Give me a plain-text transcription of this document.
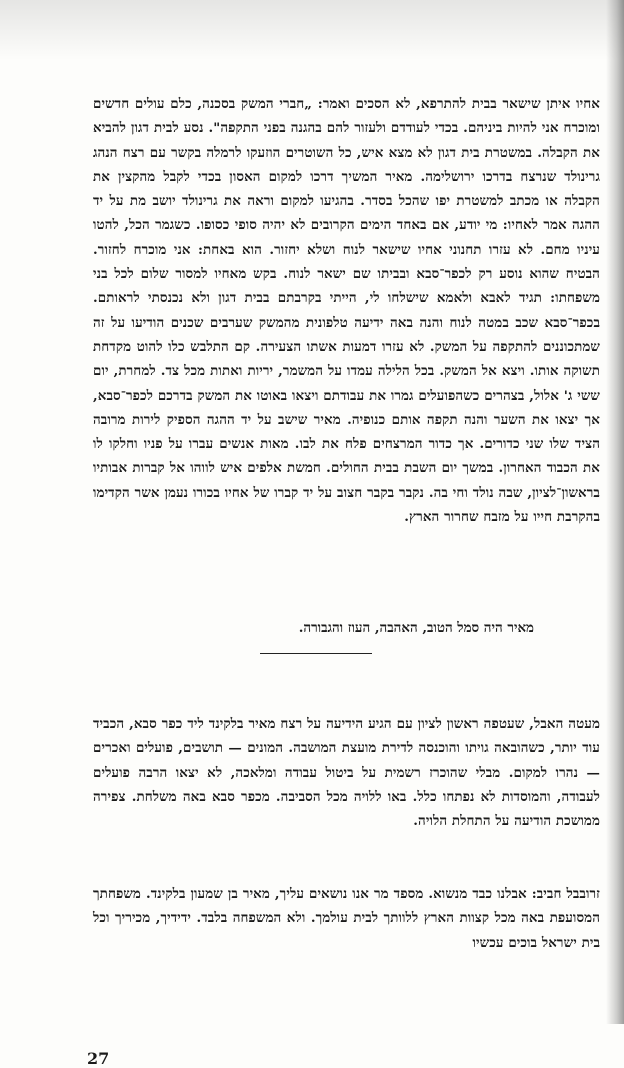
אחיו איתן שישאר בבית להתרפא, לא הסכים ואמר: „חברי המשק בסכנה, כלם עולים חדשים ומוכרח אני להיות ביניהם. בכדי לעודדם ולעזור להם בהגנה בפני התקפה". נסע לבית דגון להביא את הקבלה. במשטרת בית דגון לא מצא איש, כל השוטרים הוזעקו לרמלה בקשר עם רצח הנהג גרינולד שנרצח בדרכו ירושלימה. מאיר המשיך דרכו למקום האסון בכדי לקבל מהקצין את הקבלה או מכתב למשטרת יפו שהכל בסדר. בהגיעו למקום וראה את גרינולד יושב מת על יד ההגה אמר לאחיו: מי יודע, אם באחד הימים הקרובים לא יהיה סופי כסופו. כשגמר הכל, להטו עיניו מחם. לא עזרו תחנוני אחיו שישאר לנוח ושלא יחזור. הוא באחת: אני מוכרח לחזור. הבטיח שהוא נוסע רק לכפר־סבא ובביתו שם ישאר לנוח. בקש מאחיו למסור שלום לכל בני משפחתו: תגיד לאבא ולאמא שישלחו לי, הייתי בקרבתם בבית דגון ולא נכנסתי לראותם. בכפר־סבא שכב במטה לנוח והנה באה ידיעה טלפונית מהמשק שערבים שכנים הודיעו על זה שמתכוננים להתקפה על המשק. לא עזרו דמעות אשתו הצעירה. קם התלבש כלו להוט מקדחת תשוקה אותו. ויצא אל המשק. בכל הלילה עמדו על המשמר, יריות ואתות מכל צד. למחרת, יום ששי ג' אלול, בצהרים כשהפועלים גמרו את עבודתם ויצאו באוטו את המשק בדרכם לכפר־סבא, אך יצאו את השער והנה תקפה אותם כנופיה. מאיר שישב על יד ההגה הספיק לירות מרובה הציד שלו שני כדורים. אך כדור המרצחים פלח את לבו. מאות אנשים עברו על פניו וחלקו לו את הכבוד האחרון. במשך יום השבת בבית החולים. חמשת אלפים איש לווהו אל קברות אבותיו בראשון־לציון, שבה נולד וחי בה. נקבר בקבר חצוב על יד קברו של אחיו בכורו נעמן אשר הקדימו בהקרבת חייו על מזבח שחרור הארץ.

מאיר היה סמל הטוב, האהבה, העוז והגבורה.

מעטה האבל, שעטפה ראשון לציון עם הגיע הידיעה על רצח מאיר בלקינד ליד כפר סבא, הכביד עוד יותר, כשהובאה גויתו והוכנסה לדירת מועצת המושבה. המונים — תושבים, פועלים ואכרים — נהרו למקום. מבלי שהוכרז רשמית על ביטול עבודה ומלאכה, לא יצאו הרבה פועלים לעבודה, והמוסדות לא נפתחו כלל. באו ללויה מכל הסביבה. מכפר סבא באה משלחת. צפירה ממושכת הודיעה על התחלת הלויה.

זרובבל חביב: אבלנו כבד מנשוא. מספד מר אנו נושאים עליך, מאיר בן שמעון בלקינד. משפחתך המסועפת באה מכל קצוות הארץ ללוותך לבית עולמך. ולא המשפחה בלבד. ידידיך, מכיריך וכל בית ישראל בוכים עכשיו

27
